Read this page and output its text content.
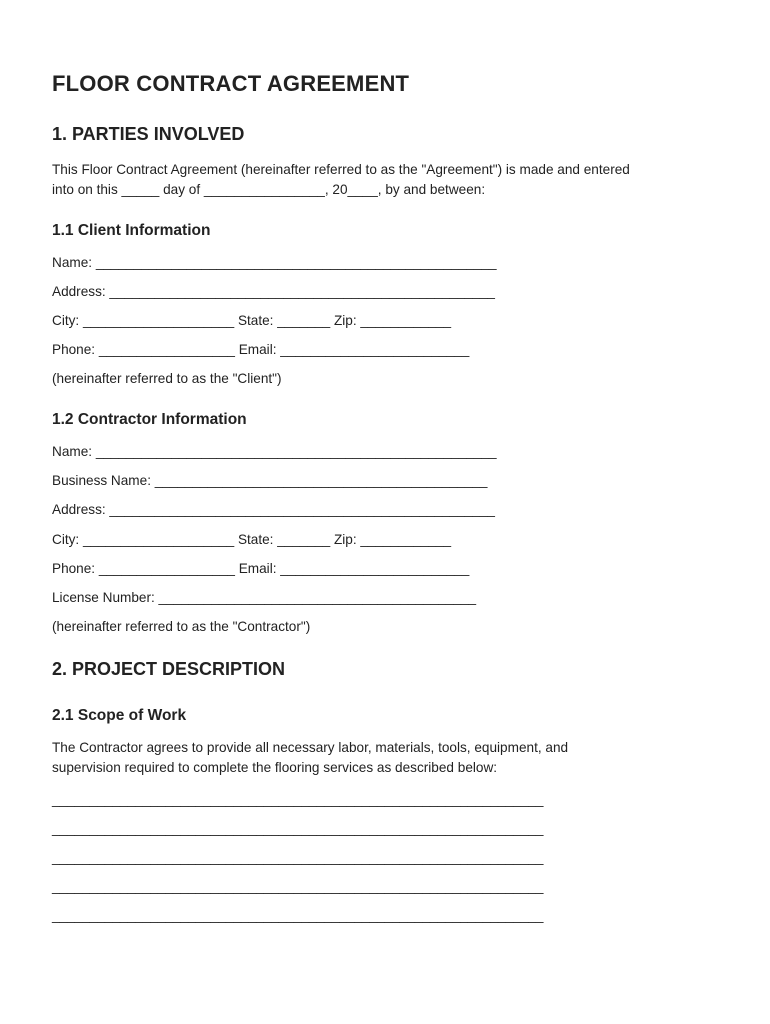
FLOOR CONTRACT AGREEMENT
1. PARTIES INVOLVED
This Floor Contract Agreement (hereinafter referred to as the "Agreement") is made and entered
into on this _____ day of ________________, 20____, by and between:
1.1 Client Information
Name: _____________________________________________________
Address: ___________________________________________________
City: ____________________ State: _______ Zip: ____________
Phone: __________________ Email: _________________________
(hereinafter referred to as the "Client")
1.2 Contractor Information
Name: _____________________________________________________
Business Name: ____________________________________________
Address: ___________________________________________________
City: ____________________ State: _______ Zip: ____________
Phone: __________________ Email: _________________________
License Number: __________________________________________
(hereinafter referred to as the "Contractor")
2. PROJECT DESCRIPTION
2.1 Scope of Work
The Contractor agrees to provide all necessary labor, materials, tools, equipment, and
supervision required to complete the flooring services as described below:
_________________________________________________________________
_________________________________________________________________
_________________________________________________________________
_________________________________________________________________
_________________________________________________________________
